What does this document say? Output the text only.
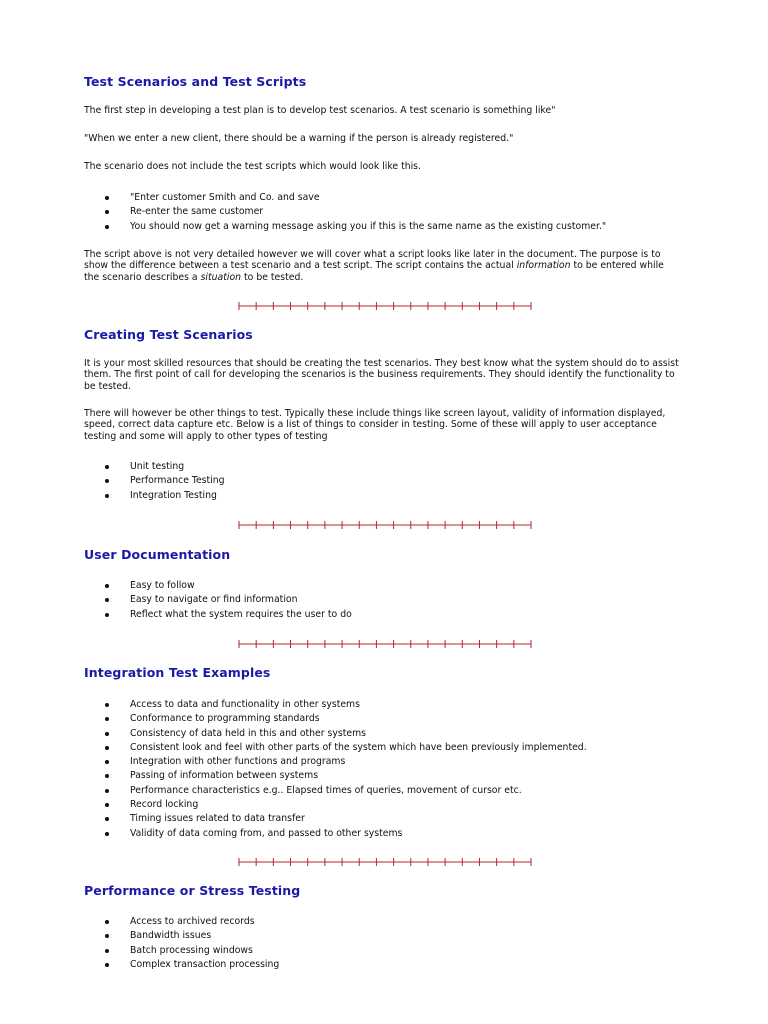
Test Scenarios and Test Scripts

The first step in developing a test plan is to develop test scenarios. A test scenario is something like"

"When we enter a new client, there should be a warning if the person is already registered."

The scenario does not include the test scripts which would look like this.

"Enter customer Smith and Co. and save
Re-enter the same customer
You should now get a warning message asking you if this is the same name as the existing customer."

The script above is not very detailed however we will cover what a script looks like later in the document. The purpose is to show the difference between a test scenario and a test script. The script contains the actual information to be entered while the scenario describes a situation to be tested.

Creating Test Scenarios

It is your most skilled resources that should be creating the test scenarios. They best know what the system should do to assist them. The first point of call for developing the scenarios is the business requirements. They should identify the functionality to be tested.

There will however be other things to test. Typically these include things like screen layout, validity of information displayed, speed, correct data capture etc. Below is a list of things to consider in testing. Some of these will apply to user acceptance testing and some will apply to other types of testing

Unit testing
Performance Testing
Integration Testing
User Documentation
Easy to follow
Easy to navigate or find information
Reflect what the system requires the user to do
Integration Test Examples
Access to data and functionality in other systems
Conformance to programming standards
Consistency of data held in this and other systems
Consistent look and feel with other parts of the system which have been previously implemented.
Integration with other functions and programs
Passing of information between systems
Performance characteristics e.g.. Elapsed times of queries, movement of cursor etc.
Record locking
Timing issues related to data transfer
Validity of data coming from, and passed to other systems
Performance or Stress Testing
Access to archived records
Bandwidth issues
Batch processing windows
Complex transaction processing
